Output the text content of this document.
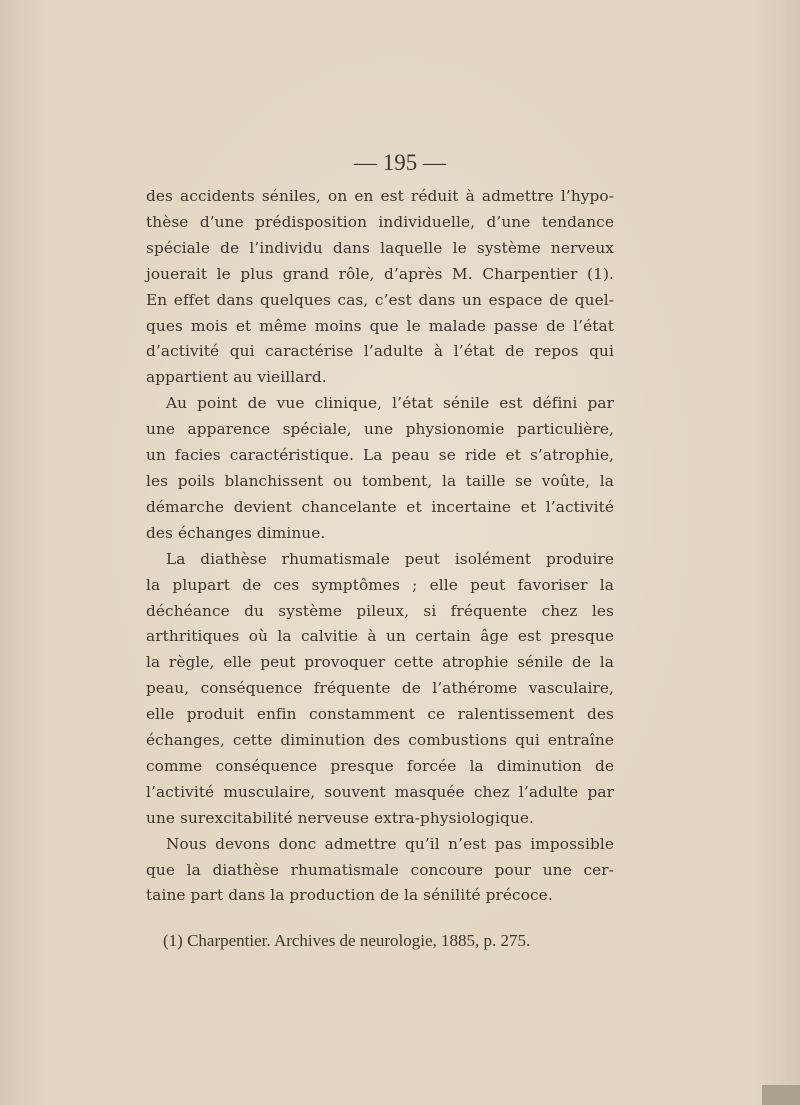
— 195 —

des accidents séniles, on en est réduit à admettre l’hypo-
thèse d’une prédisposition individuelle, d’une tendance
spéciale de l’individu dans laquelle le système nerveux
jouerait le plus grand rôle, d’après M. Charpentier (1).
En effet dans quelques cas, c’est dans un espace de quel-
ques mois et même moins que le malade passe de l’état
d’activité qui caractérise l’adulte à l’état de repos qui
appartient au vieillard.

Au point de vue clinique, l’état sénile est défini par
une apparence spéciale, une physionomie particulière,
un facies caractéristique. La peau se ride et s’atrophie,
les poils blanchissent ou tombent, la taille se voûte, la
démarche devient chancelante et incertaine et l’activité
des échanges diminue.

La diathèse rhumatismale peut isolément produire
la plupart de ces symptômes ; elle peut favoriser la
déchéance du système pileux, si fréquente chez les
arthritiques où la calvitie à un certain âge est presque
la règle, elle peut provoquer cette atrophie sénile de la
peau, conséquence fréquente de l’athérome vasculaire,
elle produit enfin constamment ce ralentissement des
échanges, cette diminution des combustions qui entraîne
comme conséquence presque forcée la diminution de
l’activité musculaire, souvent masquée chez l’adulte par
une surexcitabilité nerveuse extra-physiologique.

Nous devons donc admettre qu’il n’est pas impossible
que la diathèse rhumatismale concoure pour une cer-
taine part dans la production de la sénilité précoce.

(1) Charpentier. Archives de neurologie, 1885, p. 275.
